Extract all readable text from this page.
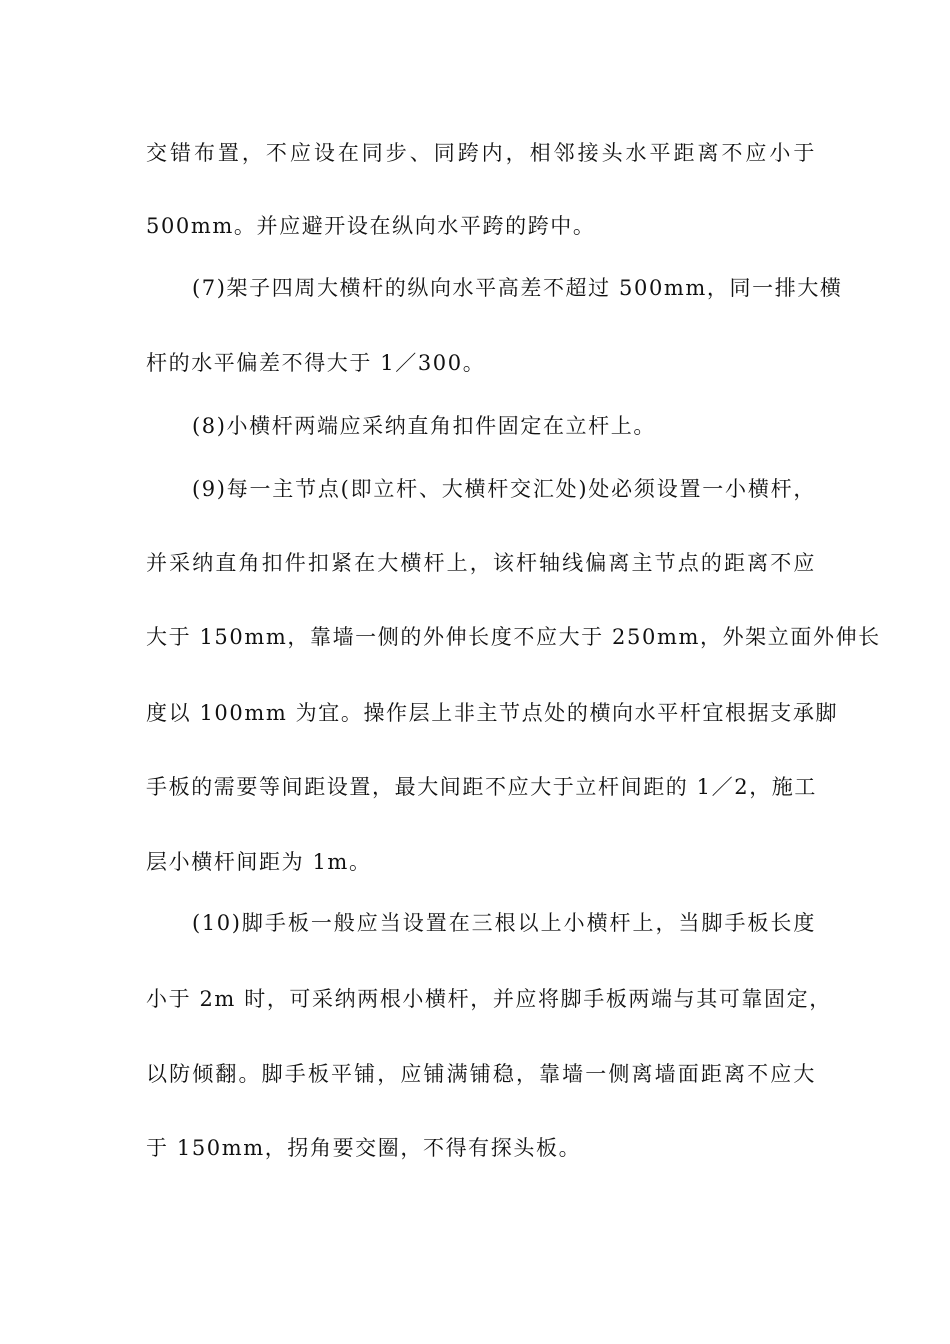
交错布置，不应设在同步、同跨内，相邻接头水平距离不应小于
500mm。并应避开设在纵向水平跨的跨中。
(7)架子四周大横杆的纵向水平高差不超过 500mm，同一排大横
杆的水平偏差不得大于 1／300。
(8)小横杆两端应采纳直角扣件固定在立杆上。
(9)每一主节点(即立杆、大横杆交汇处)处必须设置一小横杆，
并采纳直角扣件扣紧在大横杆上，该杆轴线偏离主节点的距离不应
大于 150mm，靠墙一侧的外伸长度不应大于 250mm，外架立面外伸长
度以 100mm 为宜。操作层上非主节点处的横向水平杆宜根据支承脚
手板的需要等间距设置，最大间距不应大于立杆间距的 1／2，施工
层小横杆间距为 1m。
(10)脚手板一般应当设置在三根以上小横杆上，当脚手板长度
小于 2m 时，可采纳两根小横杆，并应将脚手板两端与其可靠固定，
以防倾翻。脚手板平铺，应铺满铺稳，靠墙一侧离墙面距离不应大
于 150mm，拐角要交圈，不得有探头板。
